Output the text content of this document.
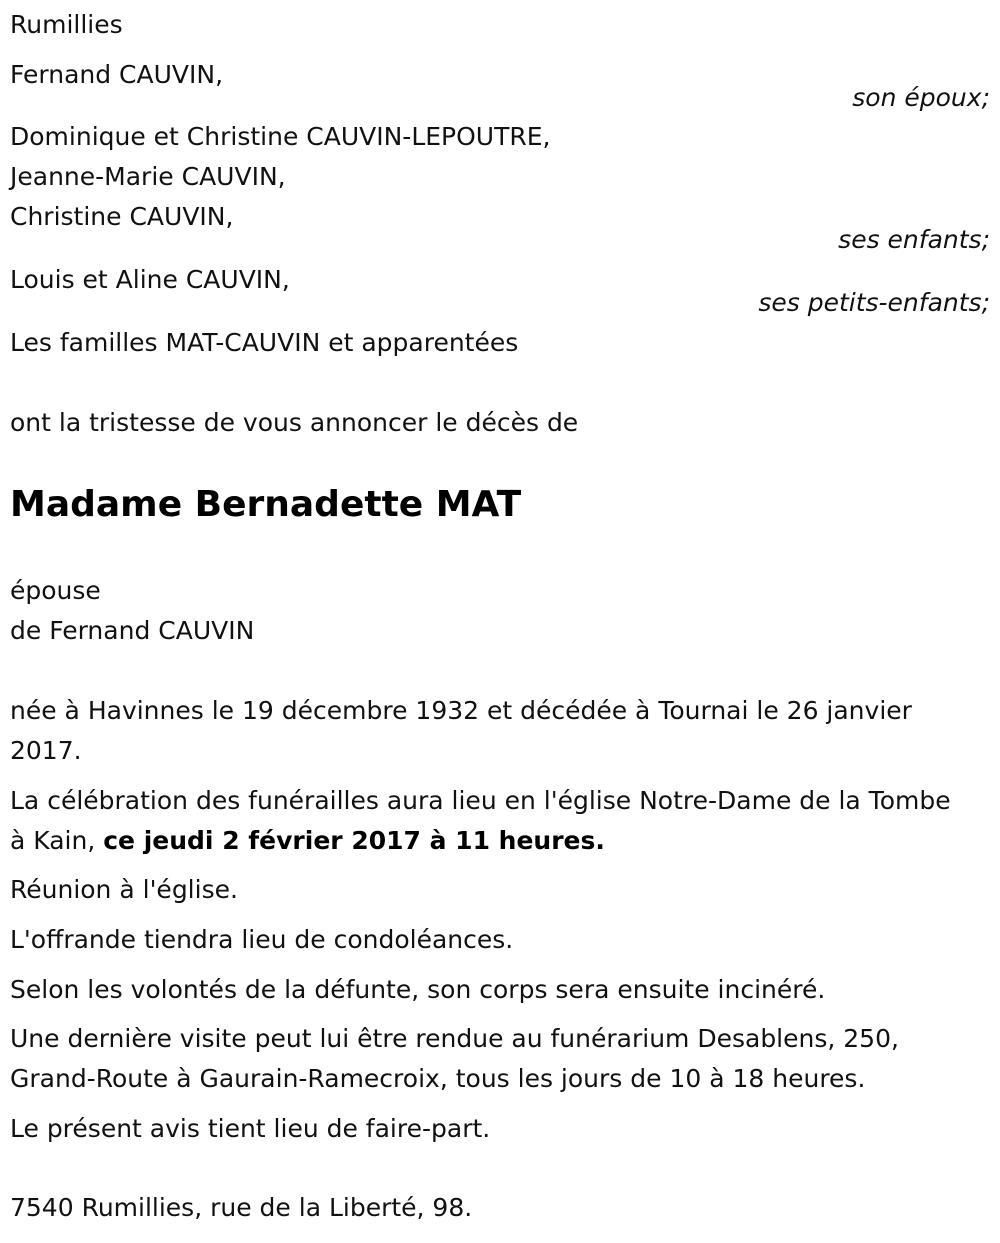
Rumillies

Fernand CAUVIN,

son époux;

Dominique et Christine CAUVIN-LEPOUTRE,

Jeanne-Marie CAUVIN,

Christine CAUVIN,

ses enfants;

Louis et Aline CAUVIN,

ses petits-enfants;

Les familles MAT-CAUVIN et apparentées

ont la tristesse de vous annoncer le décès de

Madame Bernadette MAT

épouse

de Fernand CAUVIN

née à Havinnes le 19 décembre 1932 et décédée à Tournai le 26 janvier 2017.

La célébration des funérailles aura lieu en l'église Notre-Dame de la Tombe à Kain, ce jeudi 2 février 2017 à 11 heures.

Réunion à l'église.

L'offrande tiendra lieu de condoléances.

Selon les volontés de la défunte, son corps sera ensuite incinéré.

Une dernière visite peut lui être rendue au funérarium Desablens, 250, Grand-Route à Gaurain-Ramecroix, tous les jours de 10 à 18 heures.

Le présent avis tient lieu de faire-part.

7540 Rumillies, rue de la Liberté, 98.
